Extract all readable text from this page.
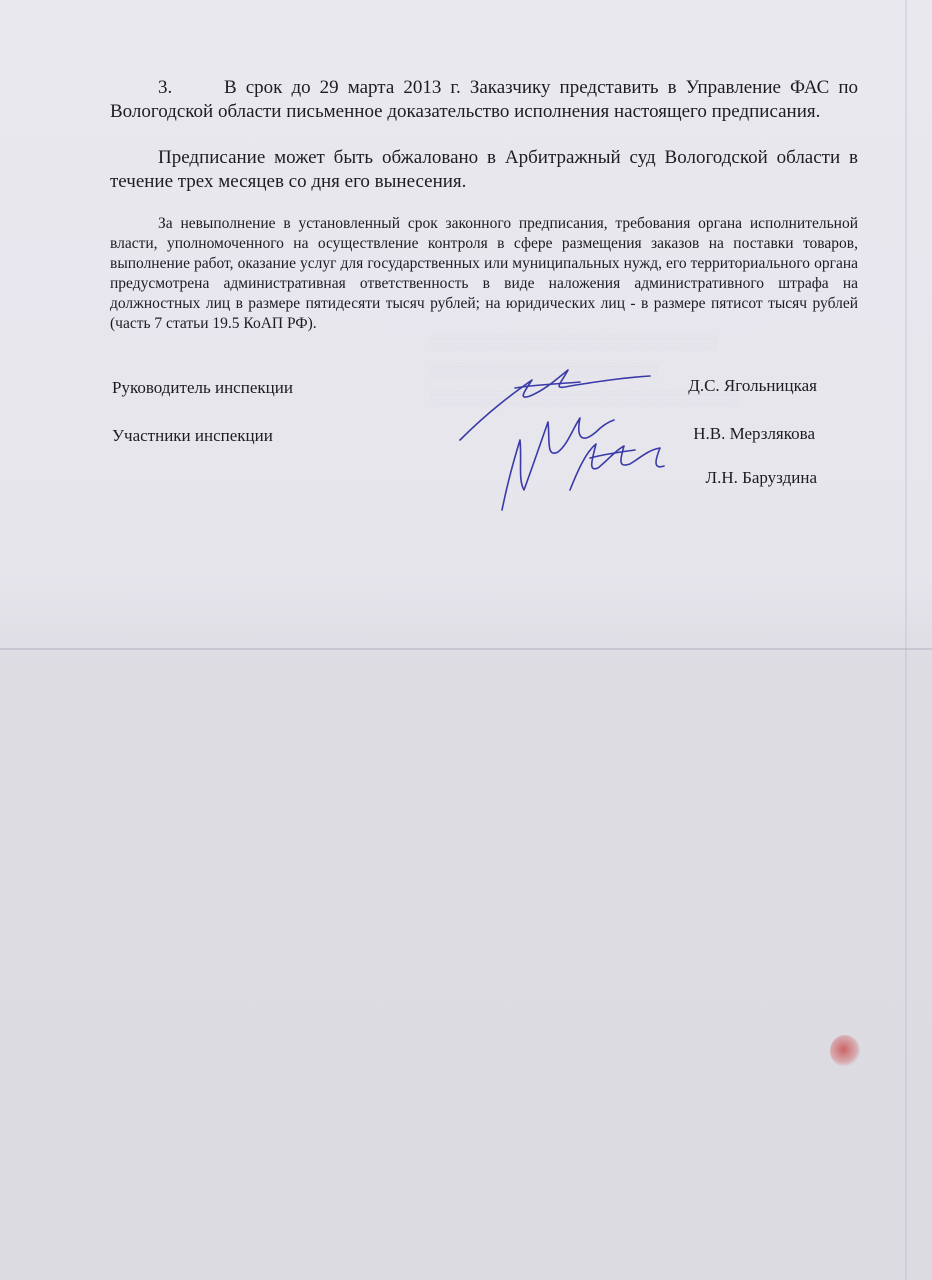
░░░░░░░░░░░░░░░░░░░░░░░░░░░░░
░░░░░░░░░░░░░░░░░░░░░░░
░░░░░░░░░░░░░░░░░░░░░░░░░░░░░░░
3.	В срок до 29 марта 2013 г. Заказчику представить в Управление ФАС по Вологодской области письменное доказательство исполнения настоящего предписания.
Предписание может быть обжаловано в Арбитражный суд Вологодской области в течение трех месяцев со дня его вынесения.
За невыполнение в установленный срок законного предписания, требования органа исполнительной власти, уполномоченного на осуществление контроля в сфере размещения заказов на поставки товаров, выполнение работ, оказание услуг для государственных или муниципальных нужд, его территориального органа предусмотрена административная ответственность в виде наложения административного штрафа на должностных лиц в размере пятидесяти тысяч рублей; на юридических лиц - в размере пятисот тысяч рублей (часть 7 статьи 19.5 КоАП РФ).
Руководитель инспекции	Д.С. Ягольницкая
Участники инспекции	Н.В. Мерзлякова
Л.Н. Баруздина
